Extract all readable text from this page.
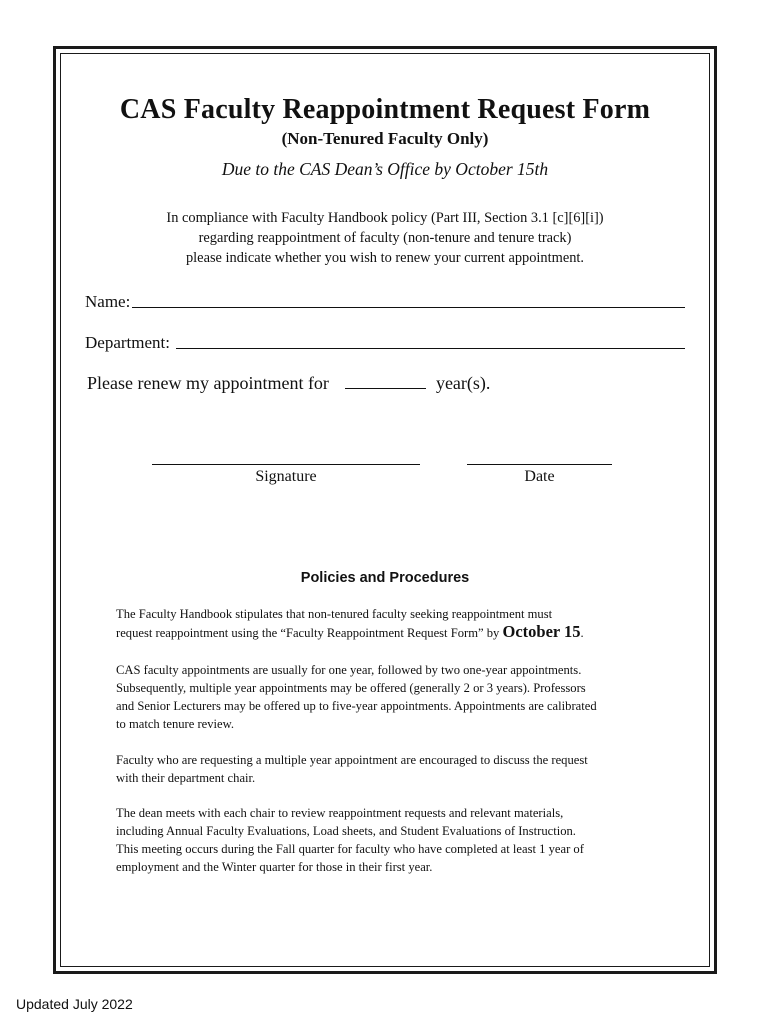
CAS Faculty Reappointment Request Form
(Non-Tenured Faculty Only)
Due to the CAS Dean’s Office by October 15th
In compliance with Faculty Handbook policy (Part III, Section 3.1 [c][6][i])
regarding reappointment of faculty (non-tenure and tenure track)
please indicate whether you wish to renew your current appointment.
Name:
Department:
Please renew my appointment for	year(s).
Signature	Date
Policies and Procedures
The Faculty Handbook stipulates that non-tenured faculty seeking reappointment must
request reappointment using the “Faculty Reappointment Request Form” by October 15.
CAS faculty appointments are usually for one year, followed by two one-year appointments.
Subsequently, multiple year appointments may be offered (generally 2 or 3 years). Professors
and Senior Lecturers may be offered up to five-year appointments. Appointments are calibrated
to match tenure review.
Faculty who are requesting a multiple year appointment are encouraged to discuss the request
with their department chair.
The dean meets with each chair to review reappointment requests and relevant materials,
including Annual Faculty Evaluations, Load sheets, and Student Evaluations of Instruction.
This meeting occurs during the Fall quarter for faculty who have completed at least 1 year of
employment and the Winter quarter for those in their first year.
Updated July 2022
